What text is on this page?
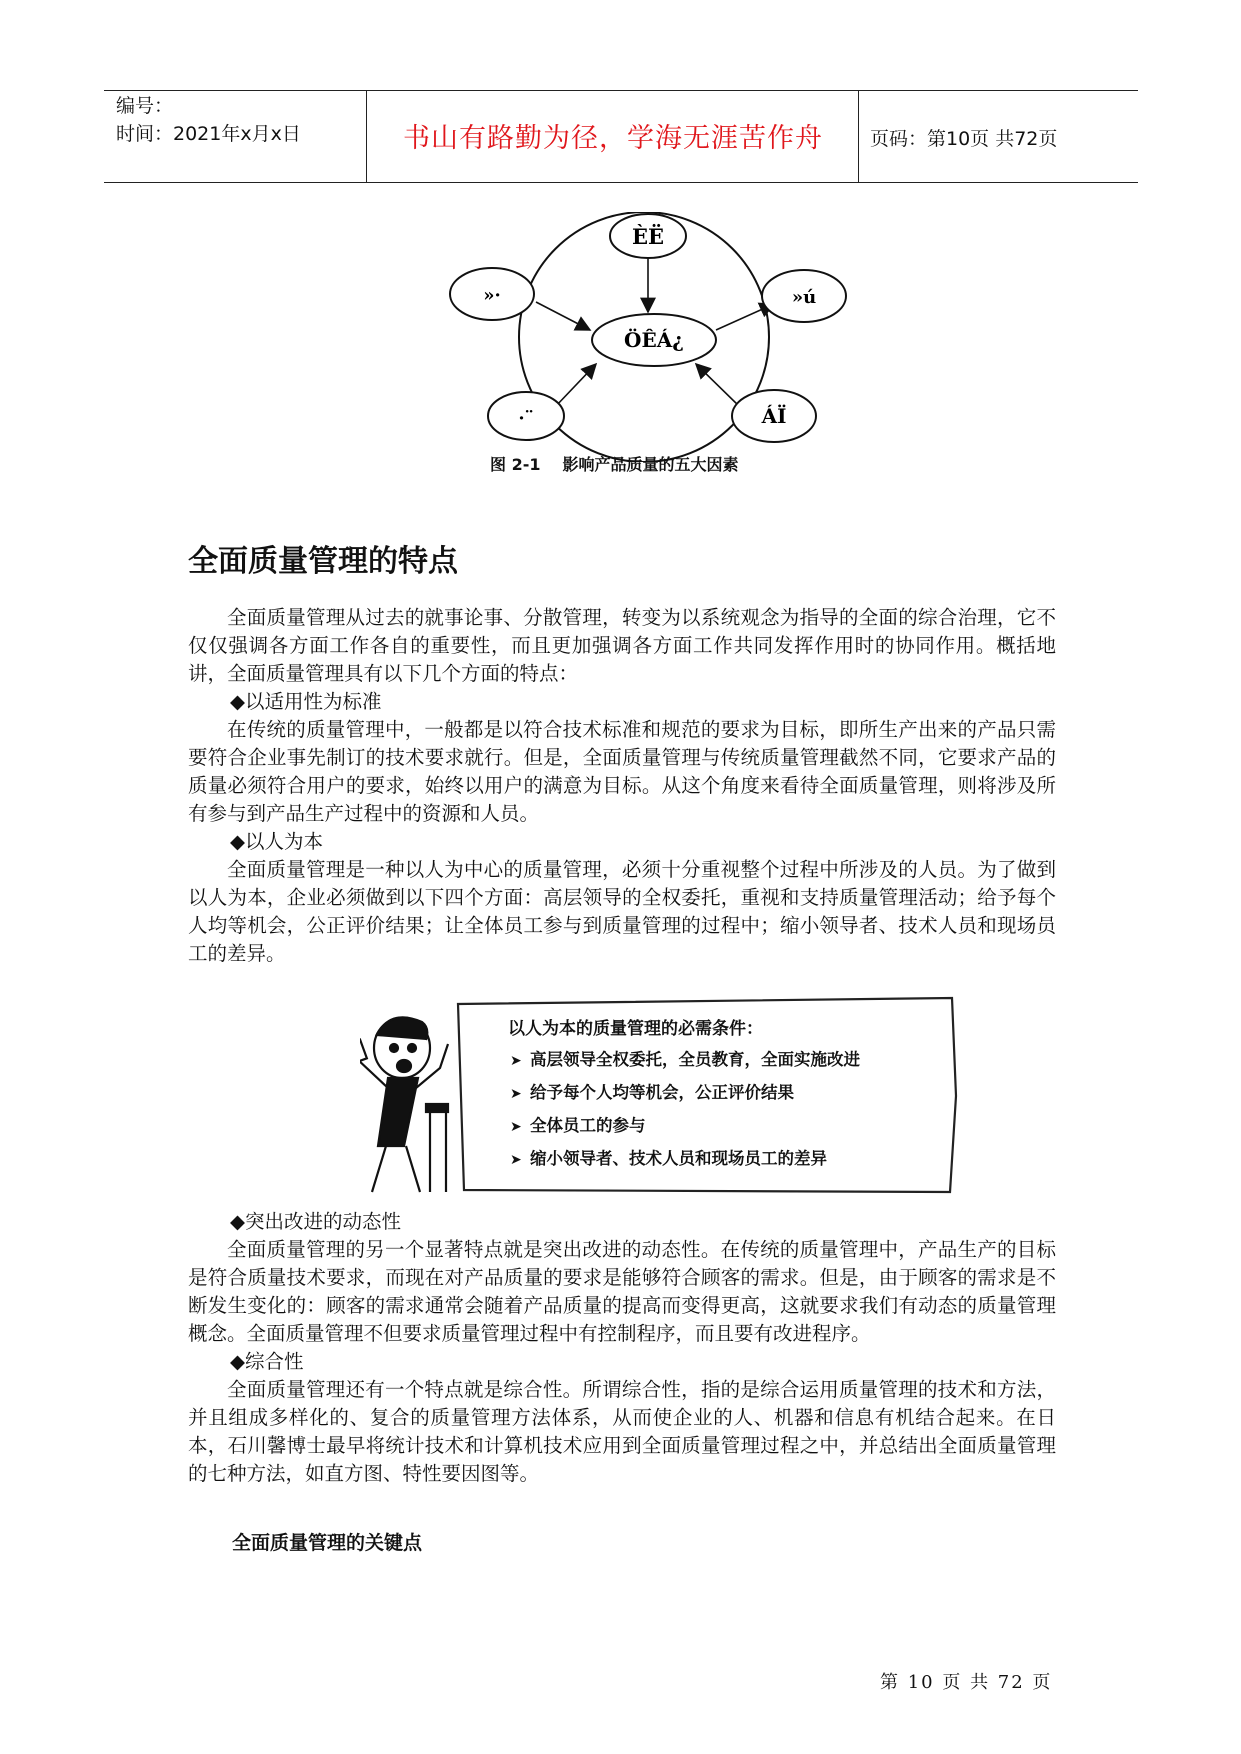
编号：
时间：2021年x月x日	书山有路勤为径，学海无涯苦作舟	页码：第10页 共72页
ÈË
»·	»ú
ÖÊÁ¿
·¨	ÁÏ
图 2-1 影响产品质量的五大因素
全面质量管理的特点

全面质量管理从过去的就事论事、分散管理，转变为以系统观念为指导的全面的综合治理，它不仅仅强调各方面工作各自的重要性，而且更加强调各方面工作共同发挥作用时的协同作用。概括地讲，全面质量管理具有以下几个方面的特点：

◆以适用性为标准

在传统的质量管理中，一般都是以符合技术标准和规范的要求为目标，即所生产出来的产品只需要符合企业事先制订的技术要求就行。但是，全面质量管理与传统质量管理截然不同，它要求产品的质量必须符合用户的要求，始终以用户的满意为目标。从这个角度来看待全面质量管理，则将涉及所有参与到产品生产过程中的资源和人员。

◆以人为本

全面质量管理是一种以人为中心的质量管理，必须十分重视整个过程中所涉及的人员。为了做到以人为本，企业必须做到以下四个方面：高层领导的全权委托，重视和支持质量管理活动；给予每个人均等机会，公正评价结果；让全体员工参与到质量管理的过程中；缩小领导者、技术人员和现场员工的差异。

以人为本的质量管理的必需条件：
➤ 高层领导全权委托，全员教育，全面实施改进
➤ 给予每个人均等机会，公正评价结果
➤ 全体员工的参与
➤ 缩小领导者、技术人员和现场员工的差异
◆突出改进的动态性

全面质量管理的另一个显著特点就是突出改进的动态性。在传统的质量管理中，产品生产的目标是符合质量技术要求，而现在对产品质量的要求是能够符合顾客的需求。但是，由于顾客的需求是不断发生变化的：顾客的需求通常会随着产品质量的提高而变得更高，这就要求我们有动态的质量管理概念。全面质量管理不但要求质量管理过程中有控制程序，而且要有改进程序。

◆综合性

全面质量管理还有一个特点就是综合性。所谓综合性，指的是综合运用质量管理的技术和方法，并且组成多样化的、复合的质量管理方法体系，从而使企业的人、机器和信息有机结合起来。在日本，石川馨博士最早将统计技术和计算机技术应用到全面质量管理过程之中，并总结出全面质量管理的七种方法，如直方图、特性要因图等。

全面质量管理的关键点
第 10 页 共 72 页
